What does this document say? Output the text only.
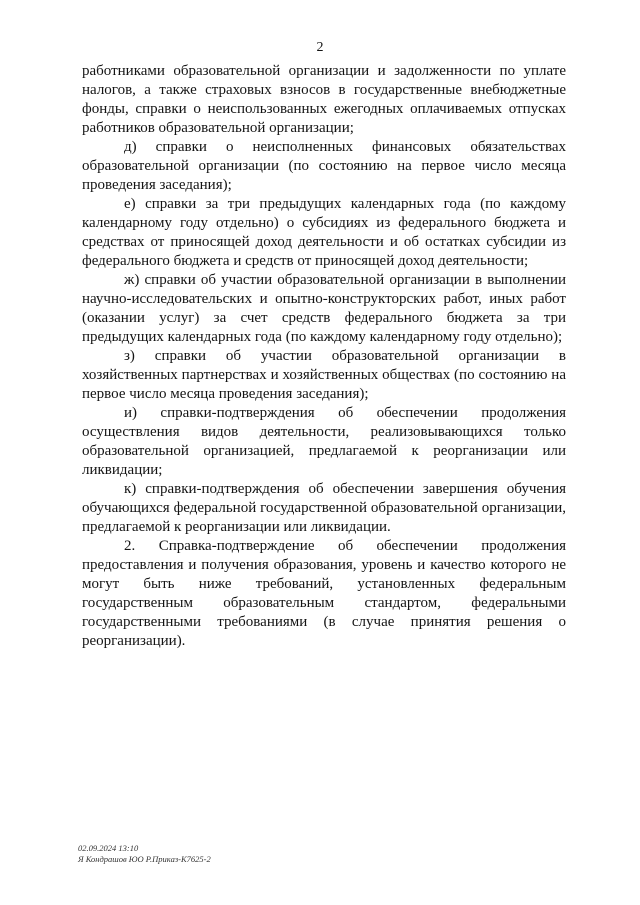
2

работниками образовательной организации и задолженности по уплате налогов, а также страховых взносов в государственные внебюджетные фонды, справки о неиспользованных ежегодных оплачиваемых отпусках работников образовательной организации;

д) справки о неисполненных финансовых обязательствах образовательной организации (по состоянию на первое число месяца проведения заседания);

е) справки за три предыдущих календарных года (по каждому календарному году отдельно) о субсидиях из федерального бюджета и средствах от приносящей доход деятельности и об остатках субсидии из федерального бюджета и средств от приносящей доход деятельности;

ж) справки об участии образовательной организации в выполнении научно-исследовательских и опытно-конструкторских работ, иных работ (оказании услуг) за счет средств федерального бюджета за три предыдущих календарных года (по каждому календарному году отдельно);

з) справки об участии образовательной организации в хозяйственных партнерствах и хозяйственных обществах (по состоянию на первое число месяца проведения заседания);

и) справки-подтверждения об обеспечении продолжения осуществления видов деятельности, реализовывающихся только образовательной организацией, предлагаемой к реорганизации или ликвидации;

к) справки-подтверждения об обеспечении завершения обучения обучающихся федеральной государственной образовательной организации, предлагаемой к реорганизации или ликвидации.

2. Справка-подтверждение об обеспечении продолжения предоставления и получения образования, уровень и качество которого не могут быть ниже требований, установленных федеральным государственным образовательным стандартом, федеральными государственными требованиями (в случае принятия решения о реорганизации).

02.09.2024 13:10
Я Кондрашов ЮО Р.Приказ-К7625-2
